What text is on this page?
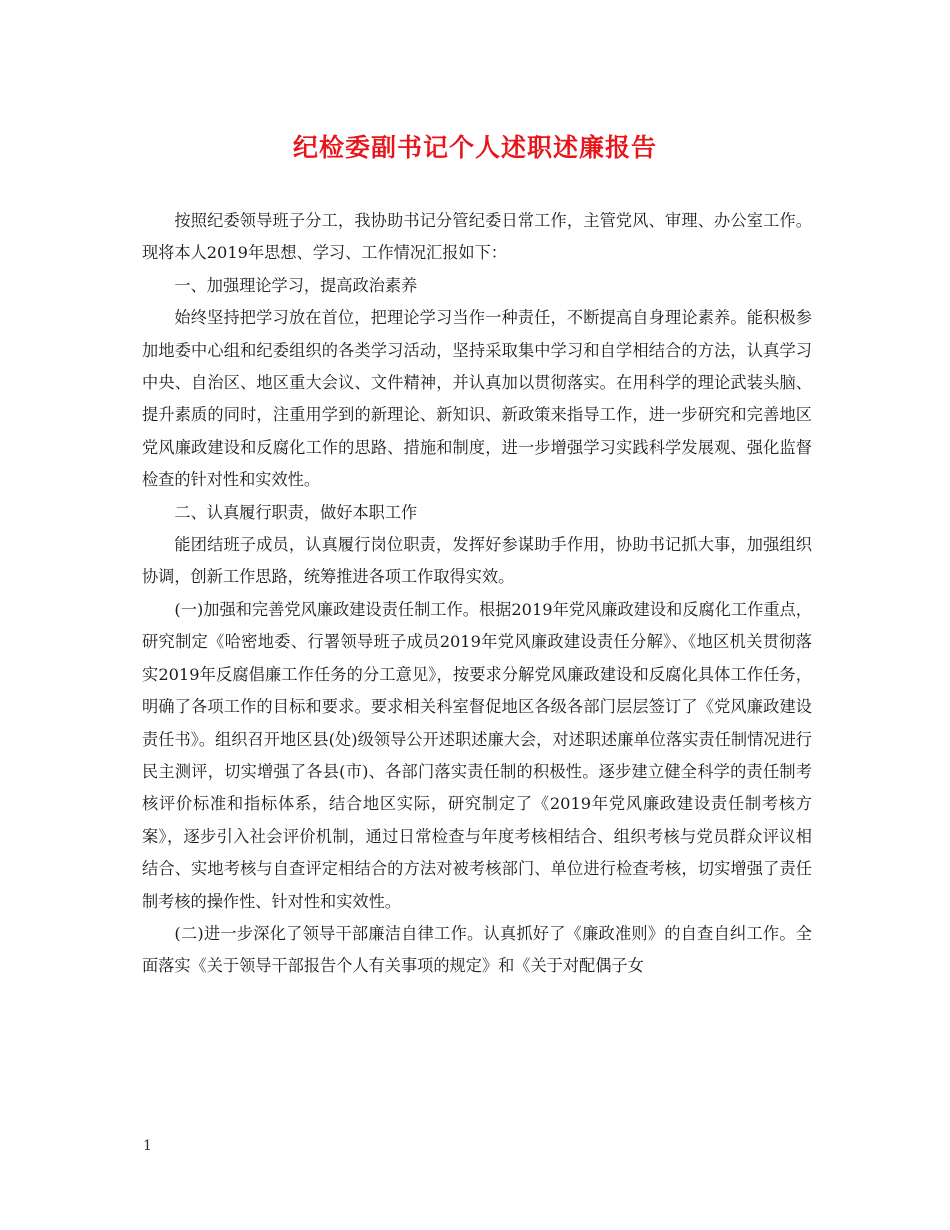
纪检委副书记个人述职述廉报告

按照纪委领导班子分工，我协助书记分管纪委日常工作，主管党风、审理、办公室工作。现将本人2019年思想、学习、工作情况汇报如下：

一、加强理论学习，提高政治素养

始终坚持把学习放在首位，把理论学习当作一种责任，不断提高自身理论素养。能积极参加地委中心组和纪委组织的各类学习活动，坚持采取集中学习和自学相结合的方法，认真学习中央、自治区、地区重大会议、文件精神，并认真加以贯彻落实。在用科学的理论武装头脑、提升素质的同时，注重用学到的新理论、新知识、新政策来指导工作，进一步研究和完善地区党风廉政建设和反腐化工作的思路、措施和制度，进一步增强学习实践科学发展观、强化监督检查的针对性和实效性。

二、认真履行职责，做好本职工作

能团结班子成员，认真履行岗位职责，发挥好参谋助手作用，协助书记抓大事，加强组织协调，创新工作思路，统筹推进各项工作取得实效。

(一)加强和完善党风廉政建设责任制工作。根据2019年党风廉政建设和反腐化工作重点，研究制定《哈密地委、行署领导班子成员2019年党风廉政建设责任分解》、《地区机关贯彻落实2019年反腐倡廉工作任务的分工意见》，按要求分解党风廉政建设和反腐化具体工作任务，明确了各项工作的目标和要求。要求相关科室督促地区各级各部门层层签订了《党风廉政建设责任书》。组织召开地区县(处)级领导公开述职述廉大会，对述职述廉单位落实责任制情况进行民主测评，切实增强了各县(市)、各部门落实责任制的积极性。逐步建立健全科学的责任制考核评价标准和指标体系，结合地区实际，研究制定了《2019年党风廉政建设责任制考核方案》，逐步引入社会评价机制，通过日常检查与年度考核相结合、组织考核与党员群众评议相结合、实地考核与自查评定相结合的方法对被考核部门、单位进行检查考核，切实增强了责任制考核的操作性、针对性和实效性。

(二)进一步深化了领导干部廉洁自律工作。认真抓好了《廉政准则》的自查自纠工作。全面落实《关于领导干部报告个人有关事项的规定》和《关于对配偶子女

1
